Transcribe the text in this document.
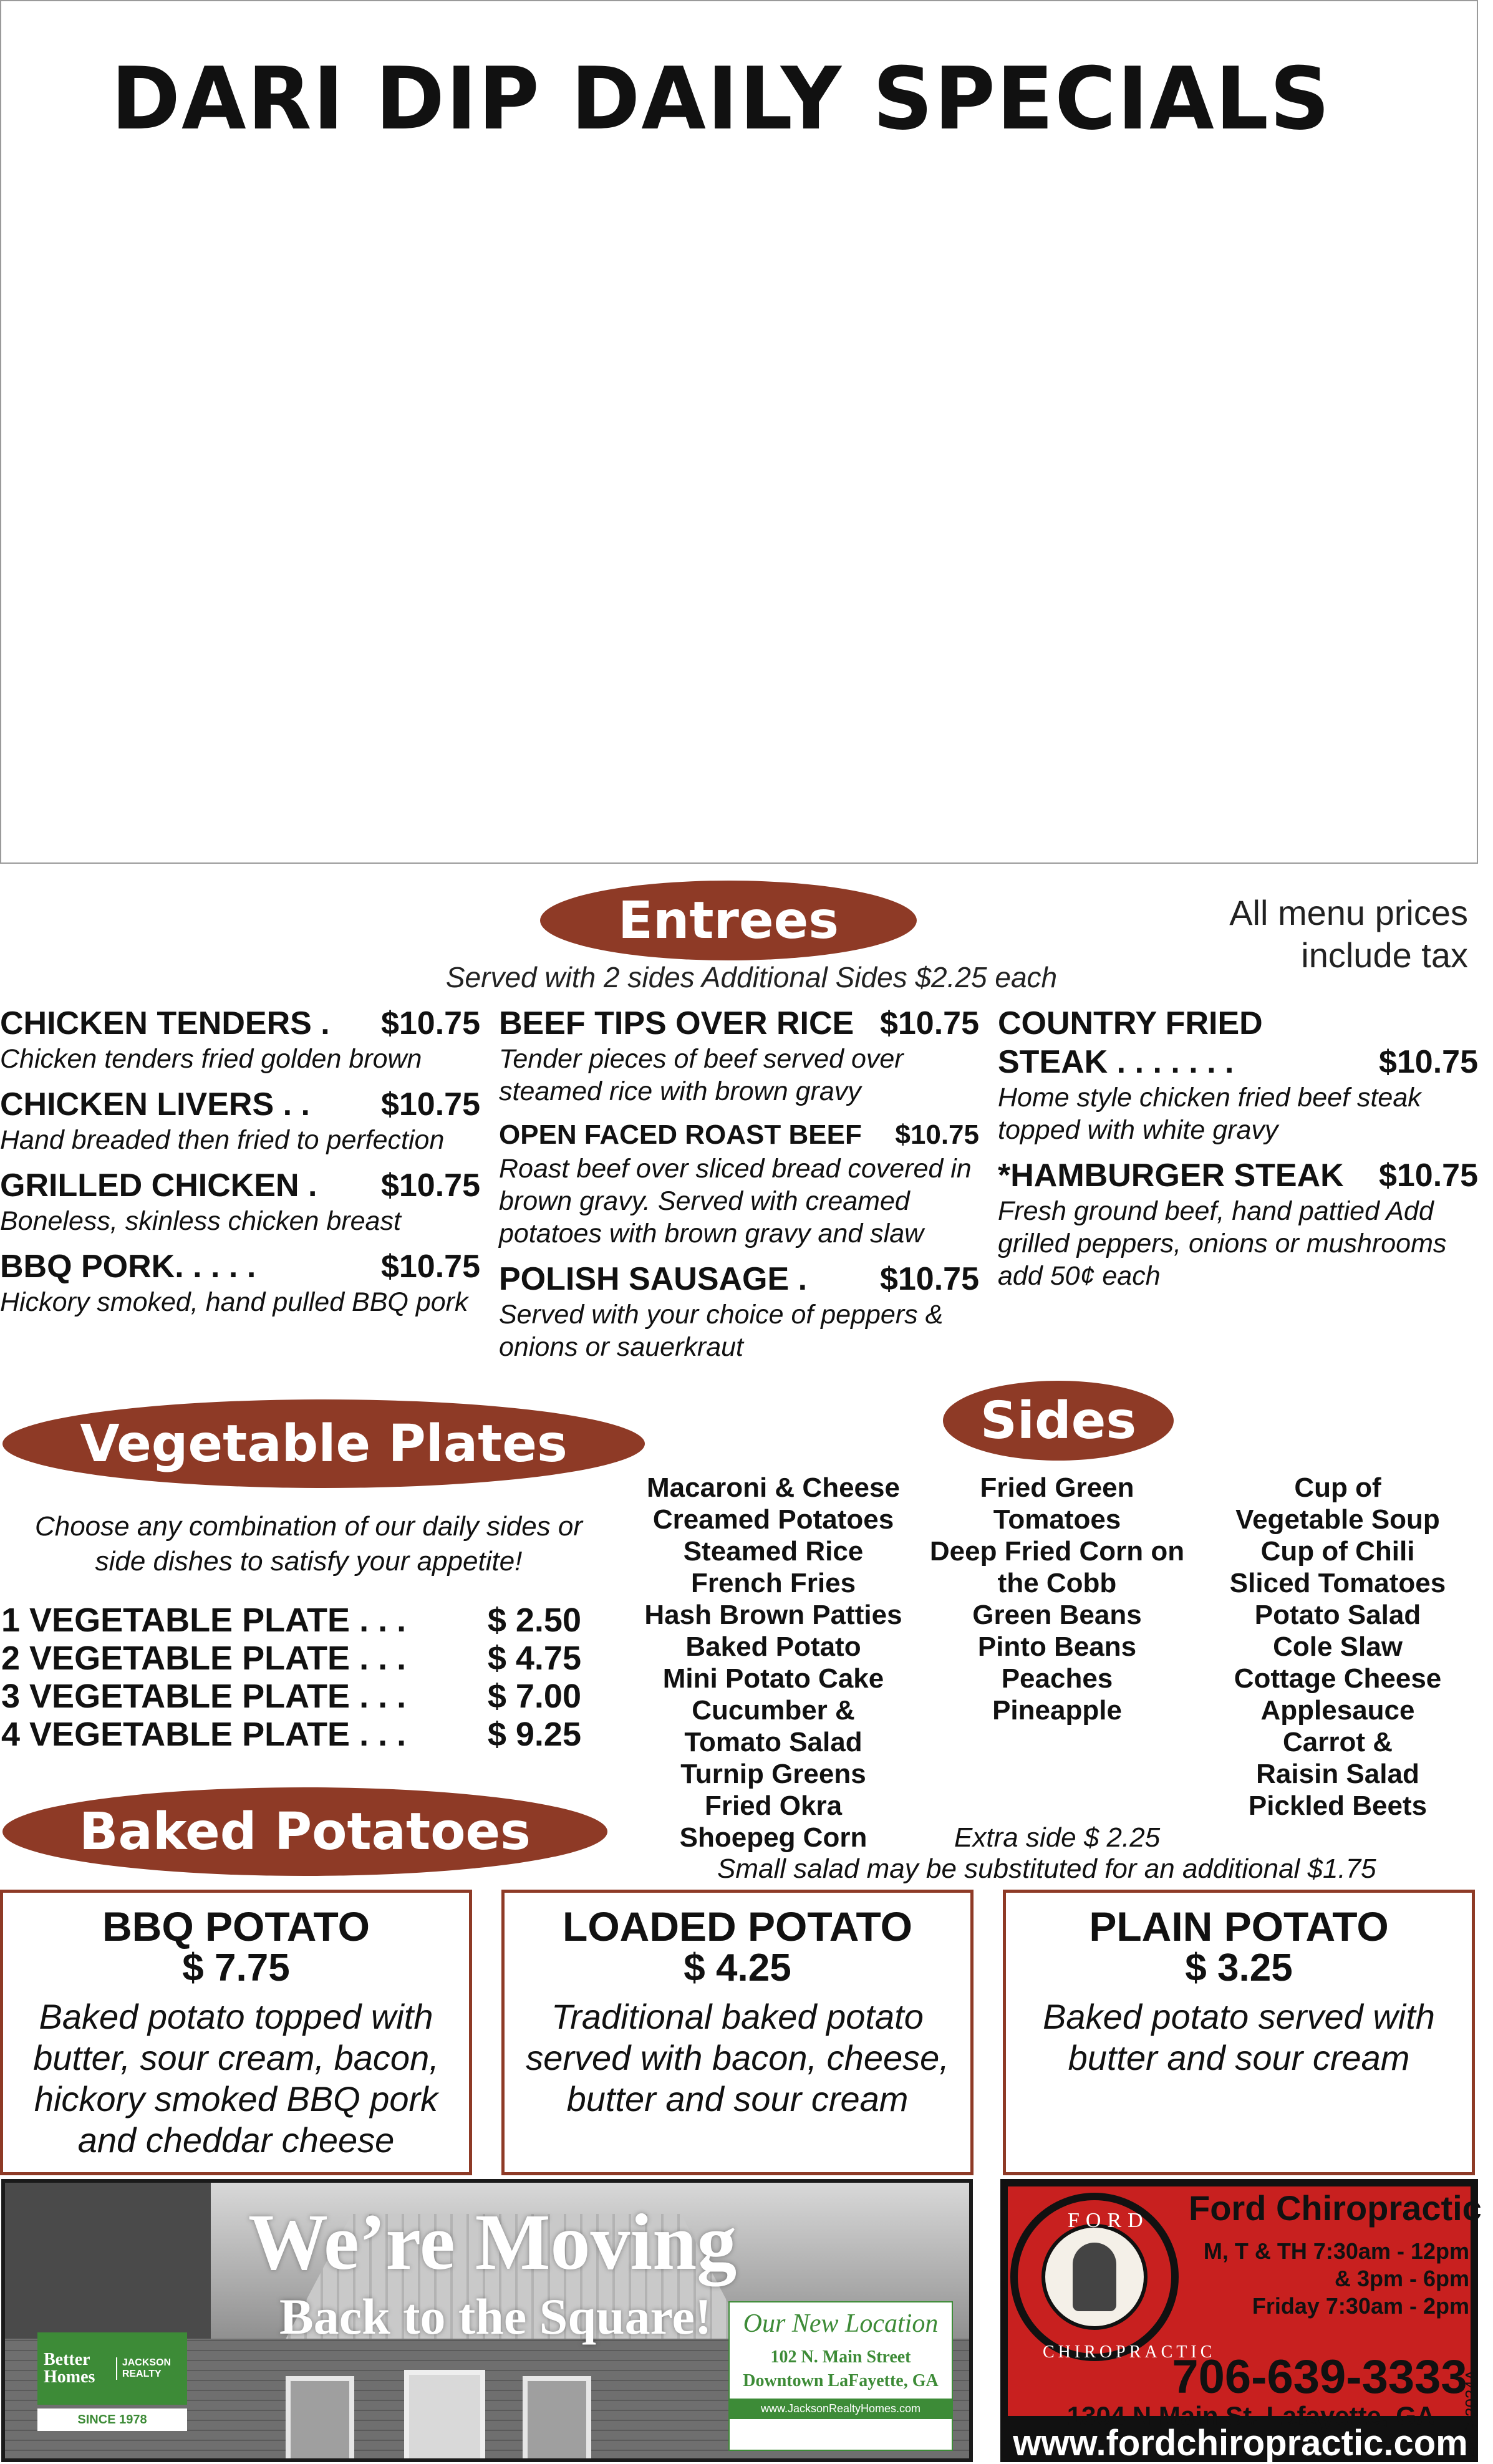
DARI DIP DAILY SPECIALS
Entrees	All menu prices
include tax
Served with 2 sides Additional Sides $2.25 each
CHICKEN TENDERS . $10.75
Chicken tenders fried golden brown
CHICKEN LIVERS . . $10.75
Hand breaded then fried to perfection
GRILLED CHICKEN . $10.75
Boneless, skinless chicken breast
BBQ PORK. . . . .	$10.75
Hickory smoked, hand pulled BBQ pork
BEEF TIPS OVER RICE $10.75
Tender pieces of beef served over steamed rice with brown gravy
OPEN FACED ROAST BEEF $10.75
Roast beef over sliced bread covered in brown gravy. Served with creamed potatoes with brown gravy and slaw
POLISH SAUSAGE . $10.75
Served with your choice of peppers & onions or sauerkraut
COUNTRY FRIED
STEAK . . . . . . .	$10.75
Home style chicken fried beef steak topped with white gravy
*HAMBURGER STEAK $10.75
Fresh ground beef, hand pattied Add grilled peppers, onions or mushrooms add 50¢ each
Vegetable Plates
Choose any combination of our daily sides or side dishes to satisfy your appetite!
1 VEGETABLE PLATE . . . $ 2.50
2 VEGETABLE PLATE . . . $ 4.75
3 VEGETABLE PLATE . . . $ 7.00
4 VEGETABLE PLATE . . . $ 9.25
Sides
Macaroni & Cheese
Creamed Potatoes
Steamed Rice
French Fries
Hash Brown Patties
Baked Potato
Mini Potato Cake
Cucumber &
Tomato Salad
Turnip Greens
Fried Okra
Shoepeg Corn
Fried Green
Tomatoes
Deep Fried Corn on
the Cobb
Green Beans
Pinto Beans
Peaches
Pineapple
Cup of
Vegetable Soup
Cup of Chili
Sliced Tomatoes
Potato Salad
Cole Slaw
Cottage Cheese
Applesauce
Carrot &
Raisin Salad
Pickled Beets
Extra side $ 2.25
Small salad may be substituted for an additional $1.75
Baked Potatoes
BBQ POTATO
$ 7.75
Baked potato topped with butter, sour cream, bacon, hickory smoked BBQ pork and cheddar cheese
LOADED POTATO
$ 4.25
Traditional baked potato served with bacon, cheese, butter and sour cream
PLAIN POTATO
$ 3.25
Baked potato served with butter and sour cream
We’re Moving
Back to the Square!
Better Homes
JACKSON REALTY
SINCE 1978
Our New Location
102 N. Main Street
Downtown LaFayette, GA
www.JacksonRealtyHomes.com
FORD
CHIROPRACTIC
Ford Chiropractic
M, T & TH 7:30am - 12pm
& 3pm - 6pm
Friday 7:30am - 2pm
706-639-3333
1304 N Main St. Lafayette, GA
www.fordchiropractic.com
AUG-2024A
